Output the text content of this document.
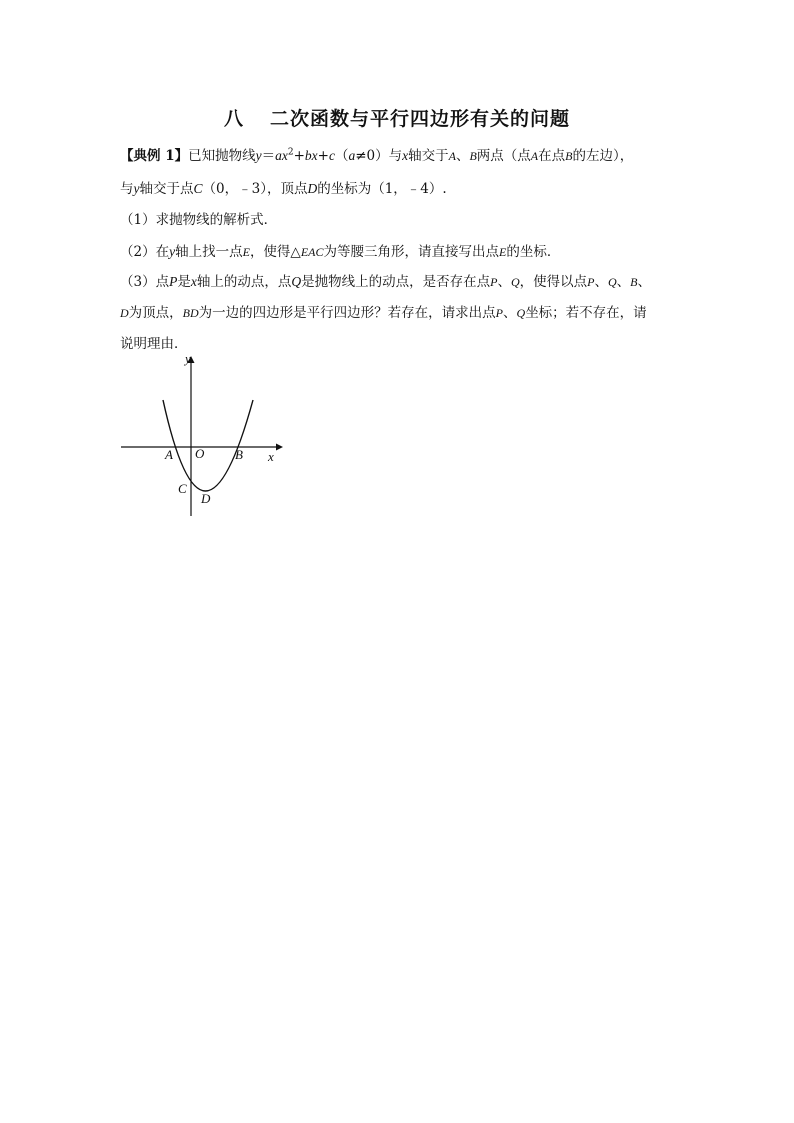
八 二次函数与平行四边形有关的问题
【典例 1】已知抛物线$y=ax^2+bx+c(a\ne 0)$与x轴交于A、B两点（点A在点B的左边），
与y轴交于点C（0，﹣3），顶点D的坐标为（1，﹣4）.
（1）求抛物线的解析式．
（2）在y轴上找一点E，使得△EAC为等腰三角形，请直接写出点E的坐标．
（3）点P是x轴上的动点，点Q是抛物线上的动点，是否存在点P、Q，使得以点P、Q、B、
D为顶点，BD为一边的四边形是平行四边形？若存在，请求出点P、Q坐标；若不存在，请
说明理由．
y
x
O
A	B
C
D
